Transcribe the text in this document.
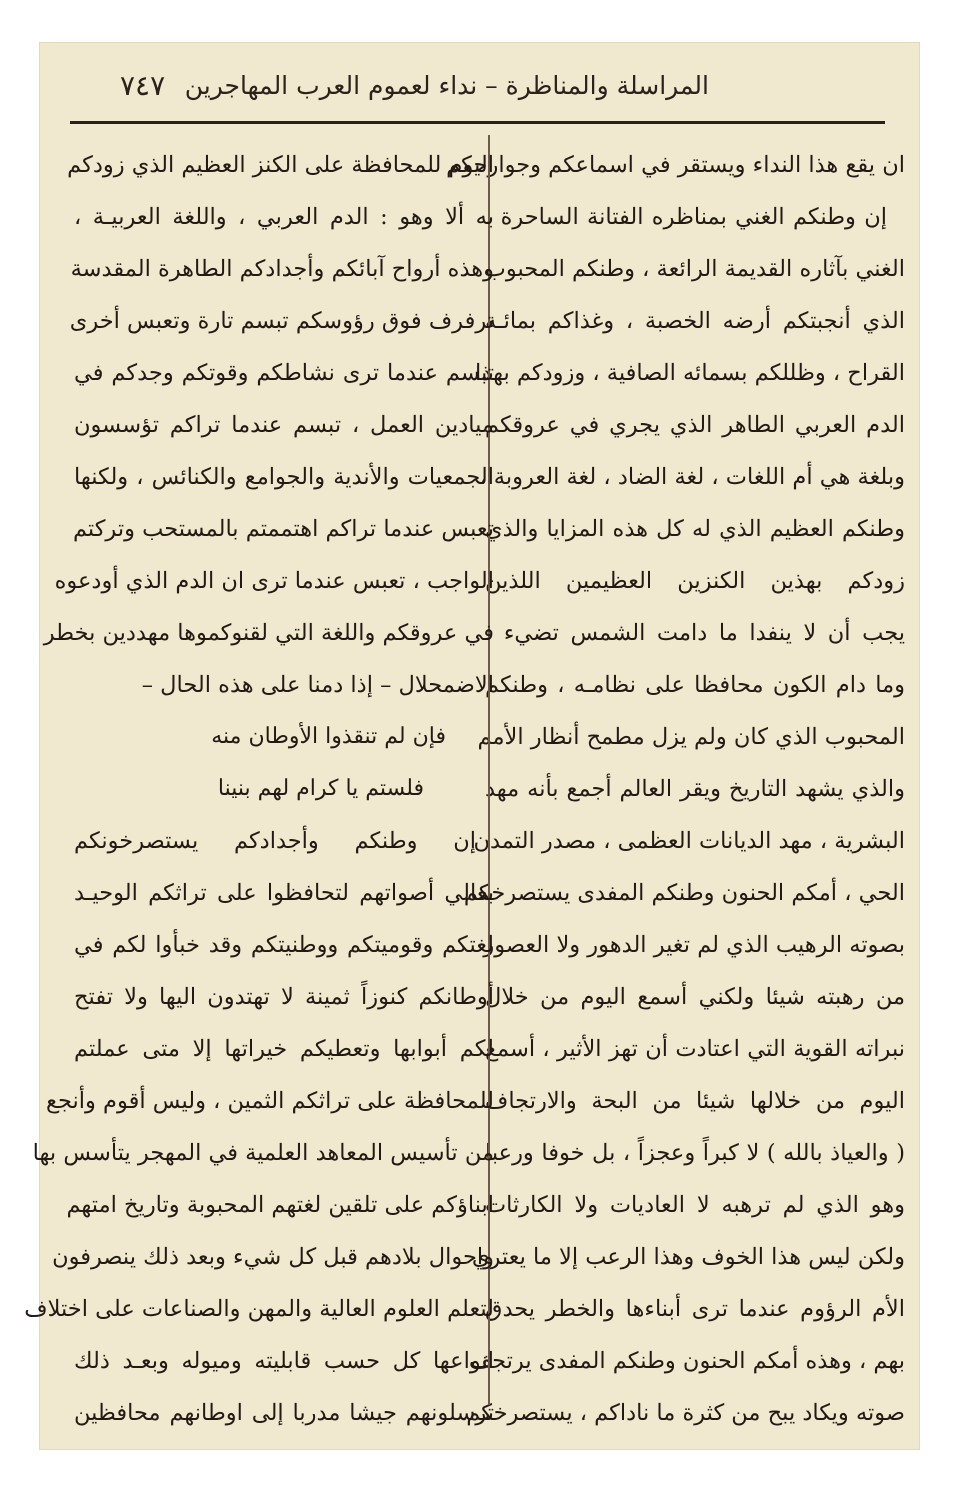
٧٤٧ المراسلة والمناظرة – نداء لعموم العرب المهاجرين
ان يقع هذا النداء ويستقر في اسماعكم وجوارحكم
إن وطنكم الغني بمناظره الفتانة الساحرة ،
الغني بآثاره القديمة الرائعة ، وطنكم المحبوب
الذي أنجبتكم أرضه الخصبة ، وغذاكم بمائـه
القراح ، وظللكم بسمائه الصافية ، وزودكم بهذا
الدم العربي الطاهر الذي يجري في عروقكم
وبلغة هي أم اللغات ، لغة الضاد ، لغة العروبة ،
وطنكم العظيم الذي له كل هذه المزايا والذي
زودكم بهذين الكنزين العظيمين اللذين
يجب أن لا ينفدا ما دامت الشمس تضيء ،
وما دام الكون محافظا على نظامـه ، وطنكم
المحبوب الذي كان ولم يزل مطمح أنظار الأمم
والذي يشهد التاريخ ويقر العالم أجمع بأنه مهد
البشرية ، مهد الديانات العظمى ، مصدر التمدن
الحي ، أمكم الحنون وطنكم المفدى يستصرخكم
بصوته الرهيب الذي لم تغير الدهور ولا العصور
من رهبته شيئا ولكني أسمع اليوم من خلال
نبراته القوية التي اعتادت أن تهز الأثير ، أسمع
اليوم من خلالها شيئا من البحة والارتجاف
( والعياذ بالله ) لا كبراً وعجزاً ، بل خوفا ورعبا
وهو الذي لم ترهبه لا العاديات ولا الكارثات
ولكن ليس هذا الخوف وهذا الرعب إلا ما يعتري
الأم الرؤوم عندما ترى أبناءها والخطر يحدق
بهم ، وهذه أمكم الحنون وطنكم المفدى يرتجف
صوته ويكاد يبح من كثرة ما ناداكم ، يستصرخكم
اليوم للمحافظة على الكنز العظيم الذي زودكم
به ألا وهو : الدم العربي ، واللغة العربيـة ،
وهذه أرواح آبائكم وأجدادكم الطاهرة المقدسة
ترفرف فوق رؤوسكم تبسم تارة وتعبس أخرى
تبسم عندما ترى نشاطكم وقوتكم وجدكم في
ميادين العمل ، تبسم عندما تراكم تؤسسون
الجمعيات والأندية والجوامع والكنائس ، ولكنها
تعبس عندما تراكم اهتممتم بالمستحب وتركتم
الواجب ، تعبس عندما ترى ان الدم الذي أودعوه
في عروقكم واللغة التي لقنوكموها مهددين بخطر
الاضمحلال – إذا دمنا على هذه الحال –
فإن لم تنقذوا الأوطان منه
فلستم يا كرام لهم بنينا
إن وطنكم وأجدادكم يستصرخونكم
بعالي أصواتهم لتحافظوا على تراثكم الوحيـد
لغتكم وقوميتكم ووطنيتكم وقد خبأوا لكم في
أوطانكم كنوزاً ثمينة لا تهتدون اليها ولا تفتح
لكم أبوابها وتعطيكم خيراتها إلا متى عملتم
للمحافظة على تراثكم الثمين ، وليس أقوم وأنجع
من تأسيس المعاهد العلمية في المهجر يتأسس بها
ابناؤكم على تلقين لغتهم المحبوبة وتاريخ امتهم
واحوال بلادهم قبل كل شيء وبعد ذلك ينصرفون
لتعلم العلوم العالية والمهن والصناعات على اختلاف
انواعها كل حسب قابليته وميوله وبعـد ذلك
ترسلونهم جيشا مدربا إلى اوطانهم محافظين
